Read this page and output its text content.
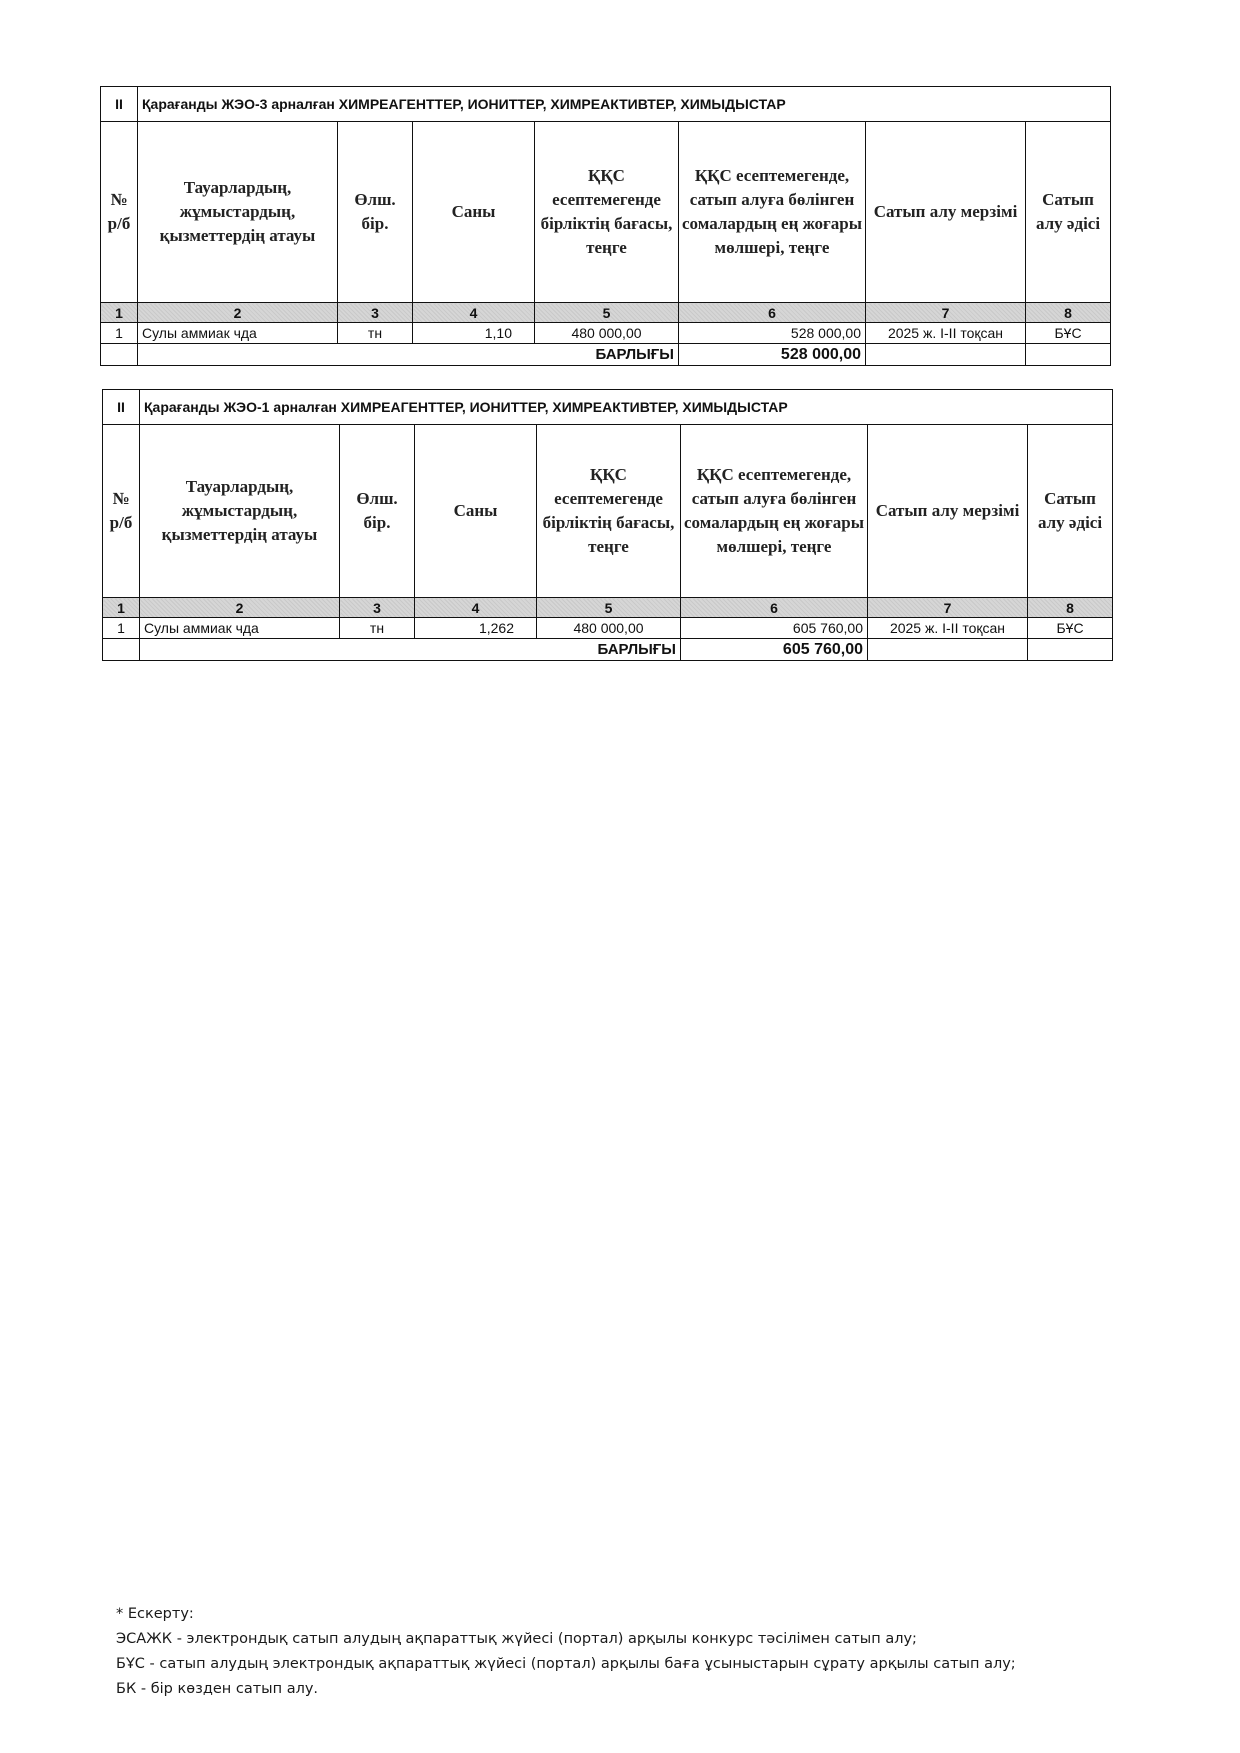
II	Қарағанды ЖЭО-3 арналған ХИМРЕАГЕНТТЕР, ИОНИТТЕР, ХИМРЕАКТИВТЕР, ХИМЫДЫСТАР						
№ р/б	Тауарлардың, жұмыстардың, қызметтердің атауы	Өлш. бір.	Саны	ҚҚС есептемегенде бірліктің бағасы, теңге	ҚҚС есептемегенде, сатып алуға бөлінген сомалардың ең жоғары мөлшері, теңге	Сатып алу мерзімі	Сатып алу әдісі
1	2	3	4	5	6	7	8
1	Сулы аммиак чда	тн	1,10	480 000,00	528 000,00	2025 ж. I-II тоқсан	БҰС
	БАРЛЫҒЫ				528 000,00		
II	Қарағанды ЖЭО-1 арналған ХИМРЕАГЕНТТЕР, ИОНИТТЕР, ХИМРЕАКТИВТЕР, ХИМЫДЫСТАР						
№ р/б	Тауарлардың, жұмыстардың, қызметтердің атауы	Өлш. бір.	Саны	ҚҚС есептемегенде бірліктің бағасы, теңге	ҚҚС есептемегенде, сатып алуға бөлінген сомалардың ең жоғары мөлшері, теңге	Сатып алу мерзімі	Сатып алу әдісі
1	2	3	4	5	6	7	8
1	Сулы аммиак чда	тн	1,262	480 000,00	605 760,00	2025 ж. I-II тоқсан	БҰС
	БАРЛЫҒЫ				605 760,00		
* Ескерту:
ЭСАЖК - электрондық сатып алудың ақпараттық жүйесі (портал) арқылы конкурс тәсілімен сатып алу;
БҰС - сатып алудың электрондық ақпараттық жүйесі (портал) арқылы баға ұсыныстарын сұрату арқылы сатып алу;
БК - бір көзден сатып алу.
